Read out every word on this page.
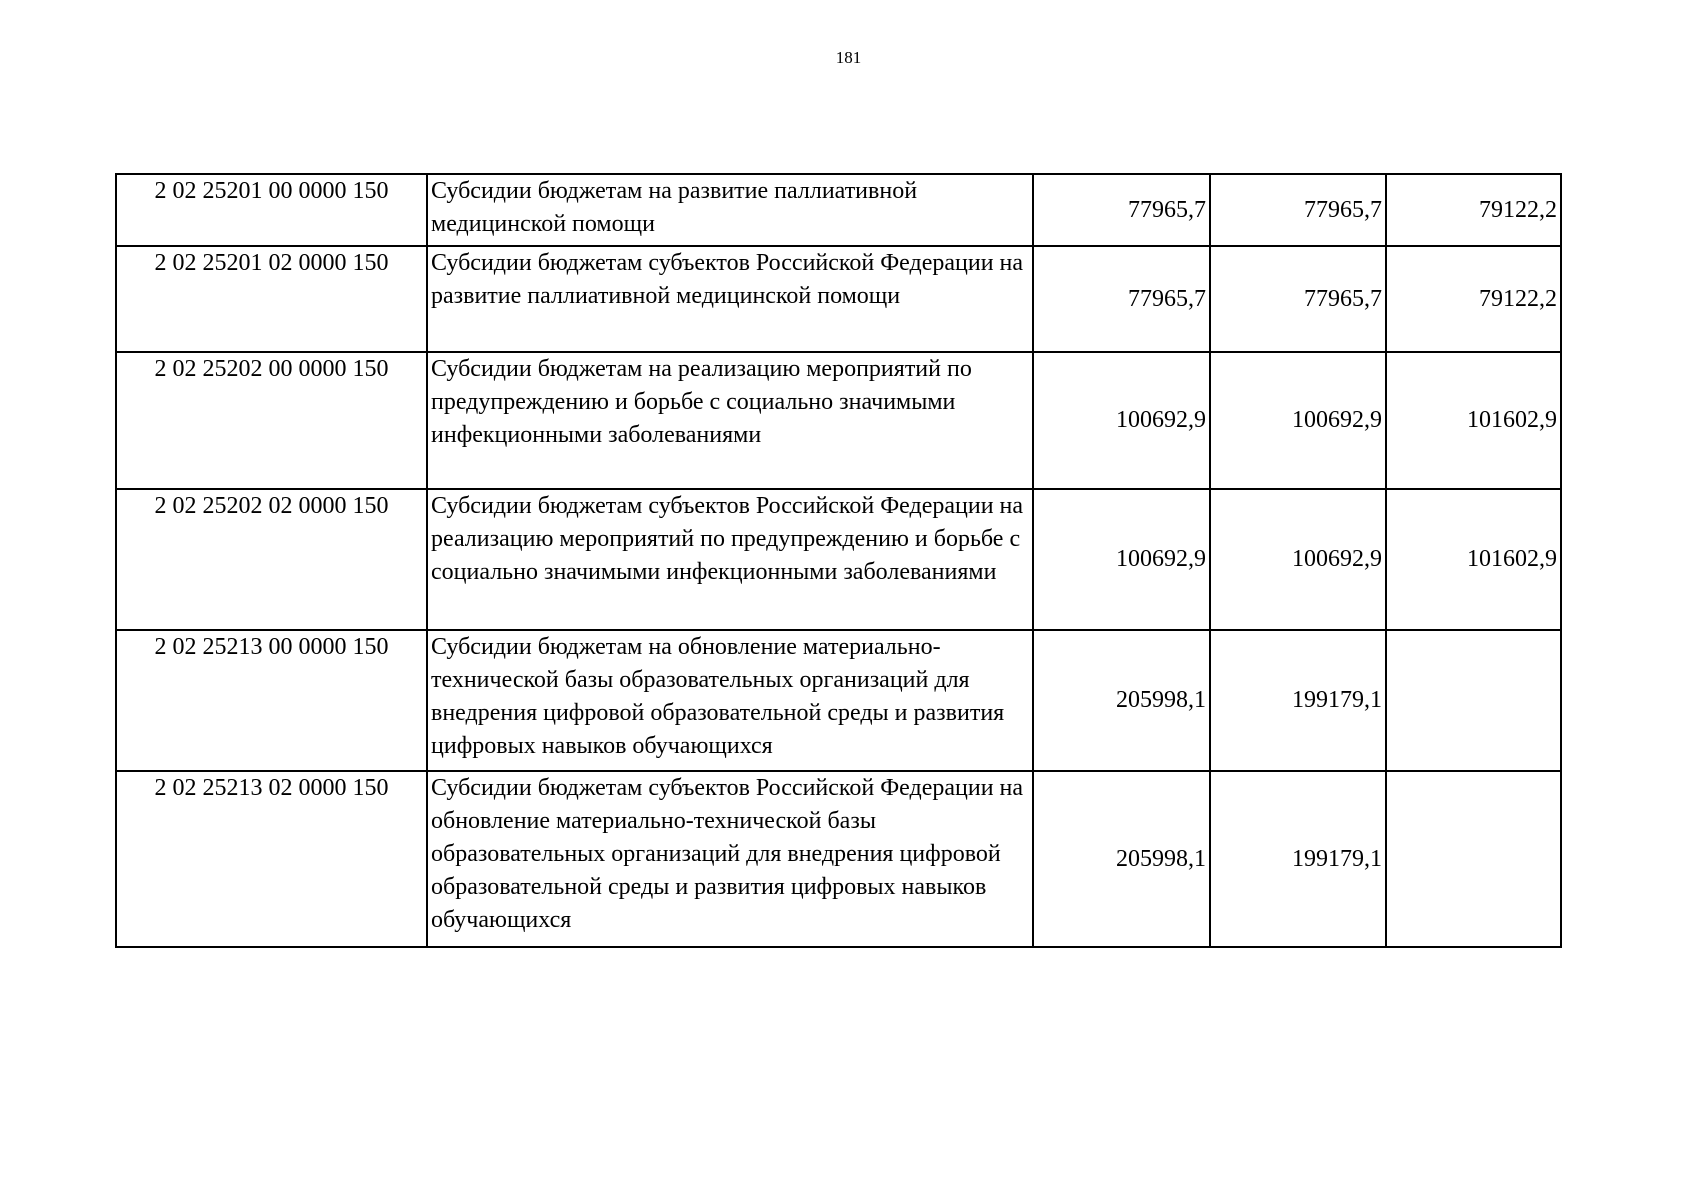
181
2 02 25201 00 0000 150	Субсидии бюджетам на развитие паллиативной медицинской помощи	77965,7	77965,7	79122,2
2 02 25201 02 0000 150	Субсидии бюджетам субъектов Российской Федерации на развитие паллиативной медицинской помощи	77965,7	77965,7	79122,2
2 02 25202 00 0000 150	Субсидии бюджетам на реализацию мероприятий по предупреждению и борьбе с социально значимыми инфекционными заболеваниями	100692,9	100692,9	101602,9
2 02 25202 02 0000 150	Субсидии бюджетам субъектов Российской Федерации на реализацию мероприятий по предупреждению и борьбе с социально значимыми инфекционными заболеваниями	100692,9	100692,9	101602,9
2 02 25213 00 0000 150	Субсидии бюджетам на обновление материально-технической базы образовательных организаций для внедрения цифровой образовательной среды и развития цифровых навыков обучающихся	205998,1	199179,1	
2 02 25213 02 0000 150	Субсидии бюджетам субъектов Российской Федерации на обновление материально-технической базы образовательных организаций для внедрения цифровой образовательной среды и развития цифровых навыков обучающихся	205998,1	199179,1	
